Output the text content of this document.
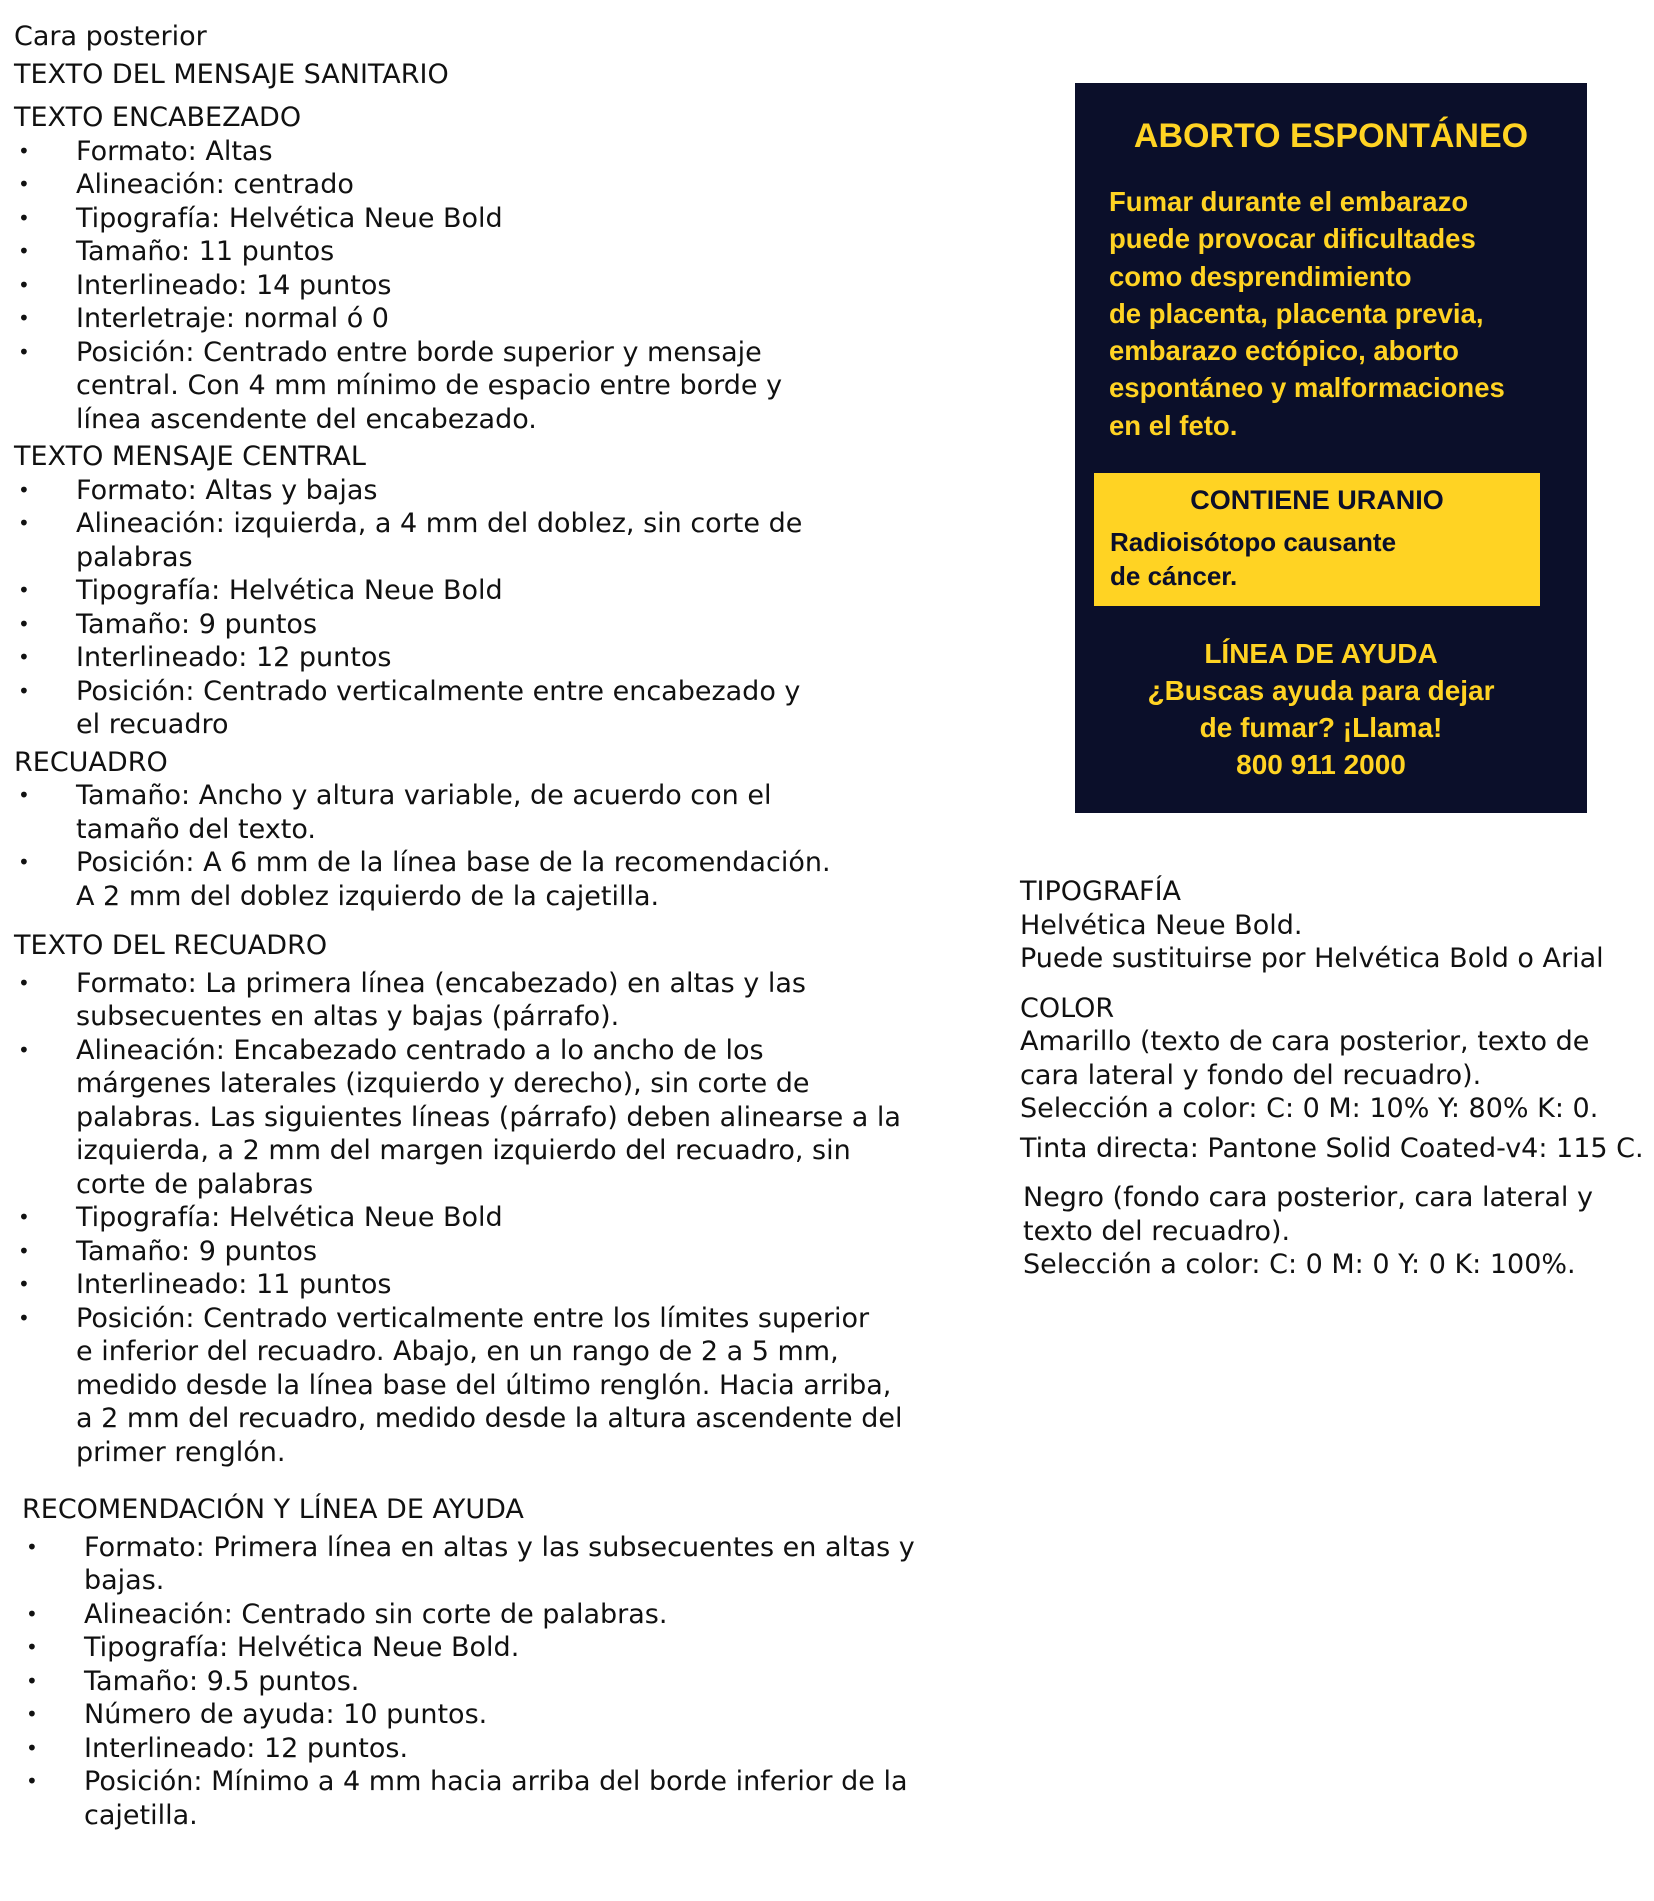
Cara posterior
TEXTO DEL MENSAJE SANITARIO
TEXTO ENCABEZADO
• Formato: Altas
• Alineación: centrado
• Tipografía: Helvética Neue Bold
• Tamaño: 11 puntos
• Interlineado: 14 puntos
• Interletraje: normal ó 0
• Posición: Centrado entre borde superior y mensaje
central. Con 4 mm mínimo de espacio entre borde y
línea ascendente del encabezado.
TEXTO MENSAJE CENTRAL
• Formato: Altas y bajas
• Alineación: izquierda, a 4 mm del doblez, sin corte de
palabras
• Tipografía: Helvética Neue Bold
• Tamaño: 9 puntos
• Interlineado: 12 puntos
• Posición: Centrado verticalmente entre encabezado y
el recuadro
RECUADRO
• Tamaño: Ancho y altura variable, de acuerdo con el
tamaño del texto.
• Posición: A 6 mm de la línea base de la recomendación.
A 2 mm del doblez izquierdo de la cajetilla.
TEXTO DEL RECUADRO
• Formato: La primera línea (encabezado) en altas y las
subsecuentes en altas y bajas (párrafo).
• Alineación: Encabezado centrado a lo ancho de los
márgenes laterales (izquierdo y derecho), sin corte de
palabras. Las siguientes líneas (párrafo) deben alinearse a la
izquierda, a 2 mm del margen izquierdo del recuadro, sin
corte de palabras
• Tipografía: Helvética Neue Bold
• Tamaño: 9 puntos
• Interlineado: 11 puntos
• Posición: Centrado verticalmente entre los límites superior
e inferior del recuadro. Abajo, en un rango de 2 a 5 mm,
medido desde la línea base del último renglón. Hacia arriba,
a 2 mm del recuadro, medido desde la altura ascendente del
primer renglón.
RECOMENDACIÓN Y LÍNEA DE AYUDA
• Formato: Primera línea en altas y las subsecuentes en altas y
bajas.
• Alineación: Centrado sin corte de palabras.
• Tipografía: Helvética Neue Bold.
• Tamaño: 9.5 puntos.
• Número de ayuda: 10 puntos.
• Interlineado: 12 puntos.
• Posición: Mínimo a 4 mm hacia arriba del borde inferior de la
cajetilla.
ABORTO ESPONTÁNEO
Fumar durante el embarazo
puede provocar dificultades
como desprendimiento
de placenta, placenta previa,
embarazo ectópico, aborto
espontáneo y malformaciones
en el feto.
CONTIENE URANIO
Radioisótopo causante
de cáncer.
LÍNEA DE AYUDA
¿Buscas ayuda para dejar
de fumar? ¡Llama!
800 911 2000
TIPOGRAFÍA
Helvética Neue Bold.
Puede sustituirse por Helvética Bold o Arial
COLOR
Amarillo (texto de cara posterior, texto de
cara lateral y fondo del recuadro).
Selección a color: C: 0 M: 10% Y: 80% K: 0.
Tinta directa: Pantone Solid Coated-v4: 115 C.
Negro (fondo cara posterior, cara lateral y
texto del recuadro).
Selección a color: C: 0 M: 0 Y: 0 K: 100%.
